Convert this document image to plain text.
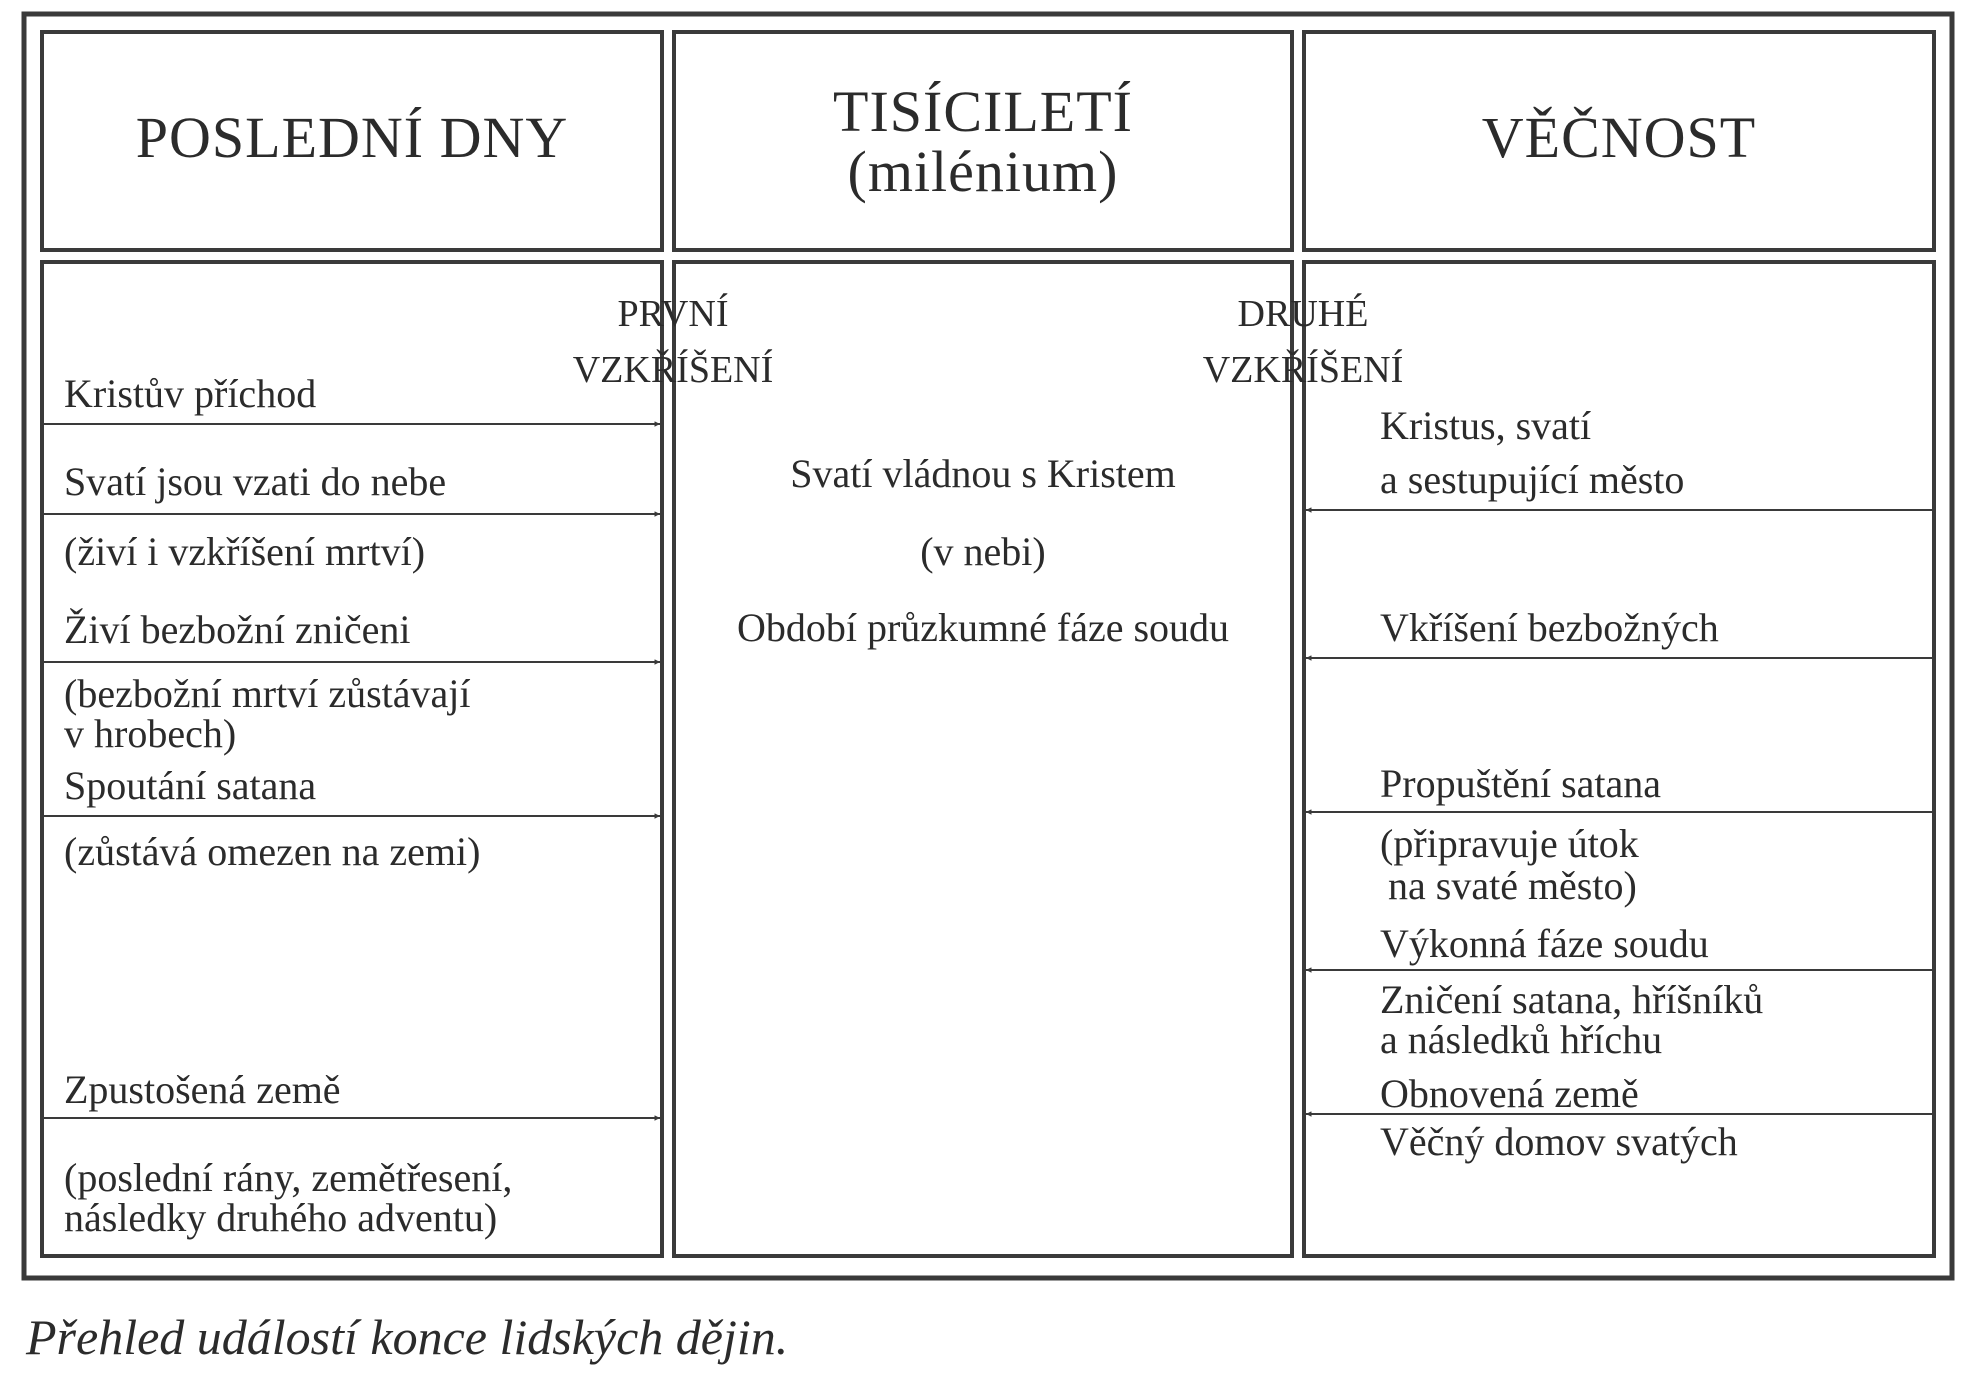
POSLEDNÍ DNY	TISÍCILETÍ
(milénium)
VĚČNOST
PRVNÍ
VZKŘÍŠENÍ
DRUHÉ
VZKŘÍŠENÍ
Kristův příchod
Svatí jsou vzati do nebe
(živí i vzkříšení mrtví)
Živí bezbožní zničeni
(bezbožní mrtví zůstávají
v hrobech)
Spoutání satana
(zůstává omezen na zemi)
Zpustošená země
(poslední rány, zemětřesení,
následky druhého adventu)
Svatí vládnou s Kristem
(v nebi)
Období průzkumné fáze soudu
Kristus, svatí
a sestupující město
Vkříšení bezbožných
Propuštění satana
(připravuje útok
na svaté město)
Výkonná fáze soudu
Zničení satana, hříšníků
a následků hříchu
Obnovená země
Věčný domov svatých
Přehled událostí konce lidských dějin.
